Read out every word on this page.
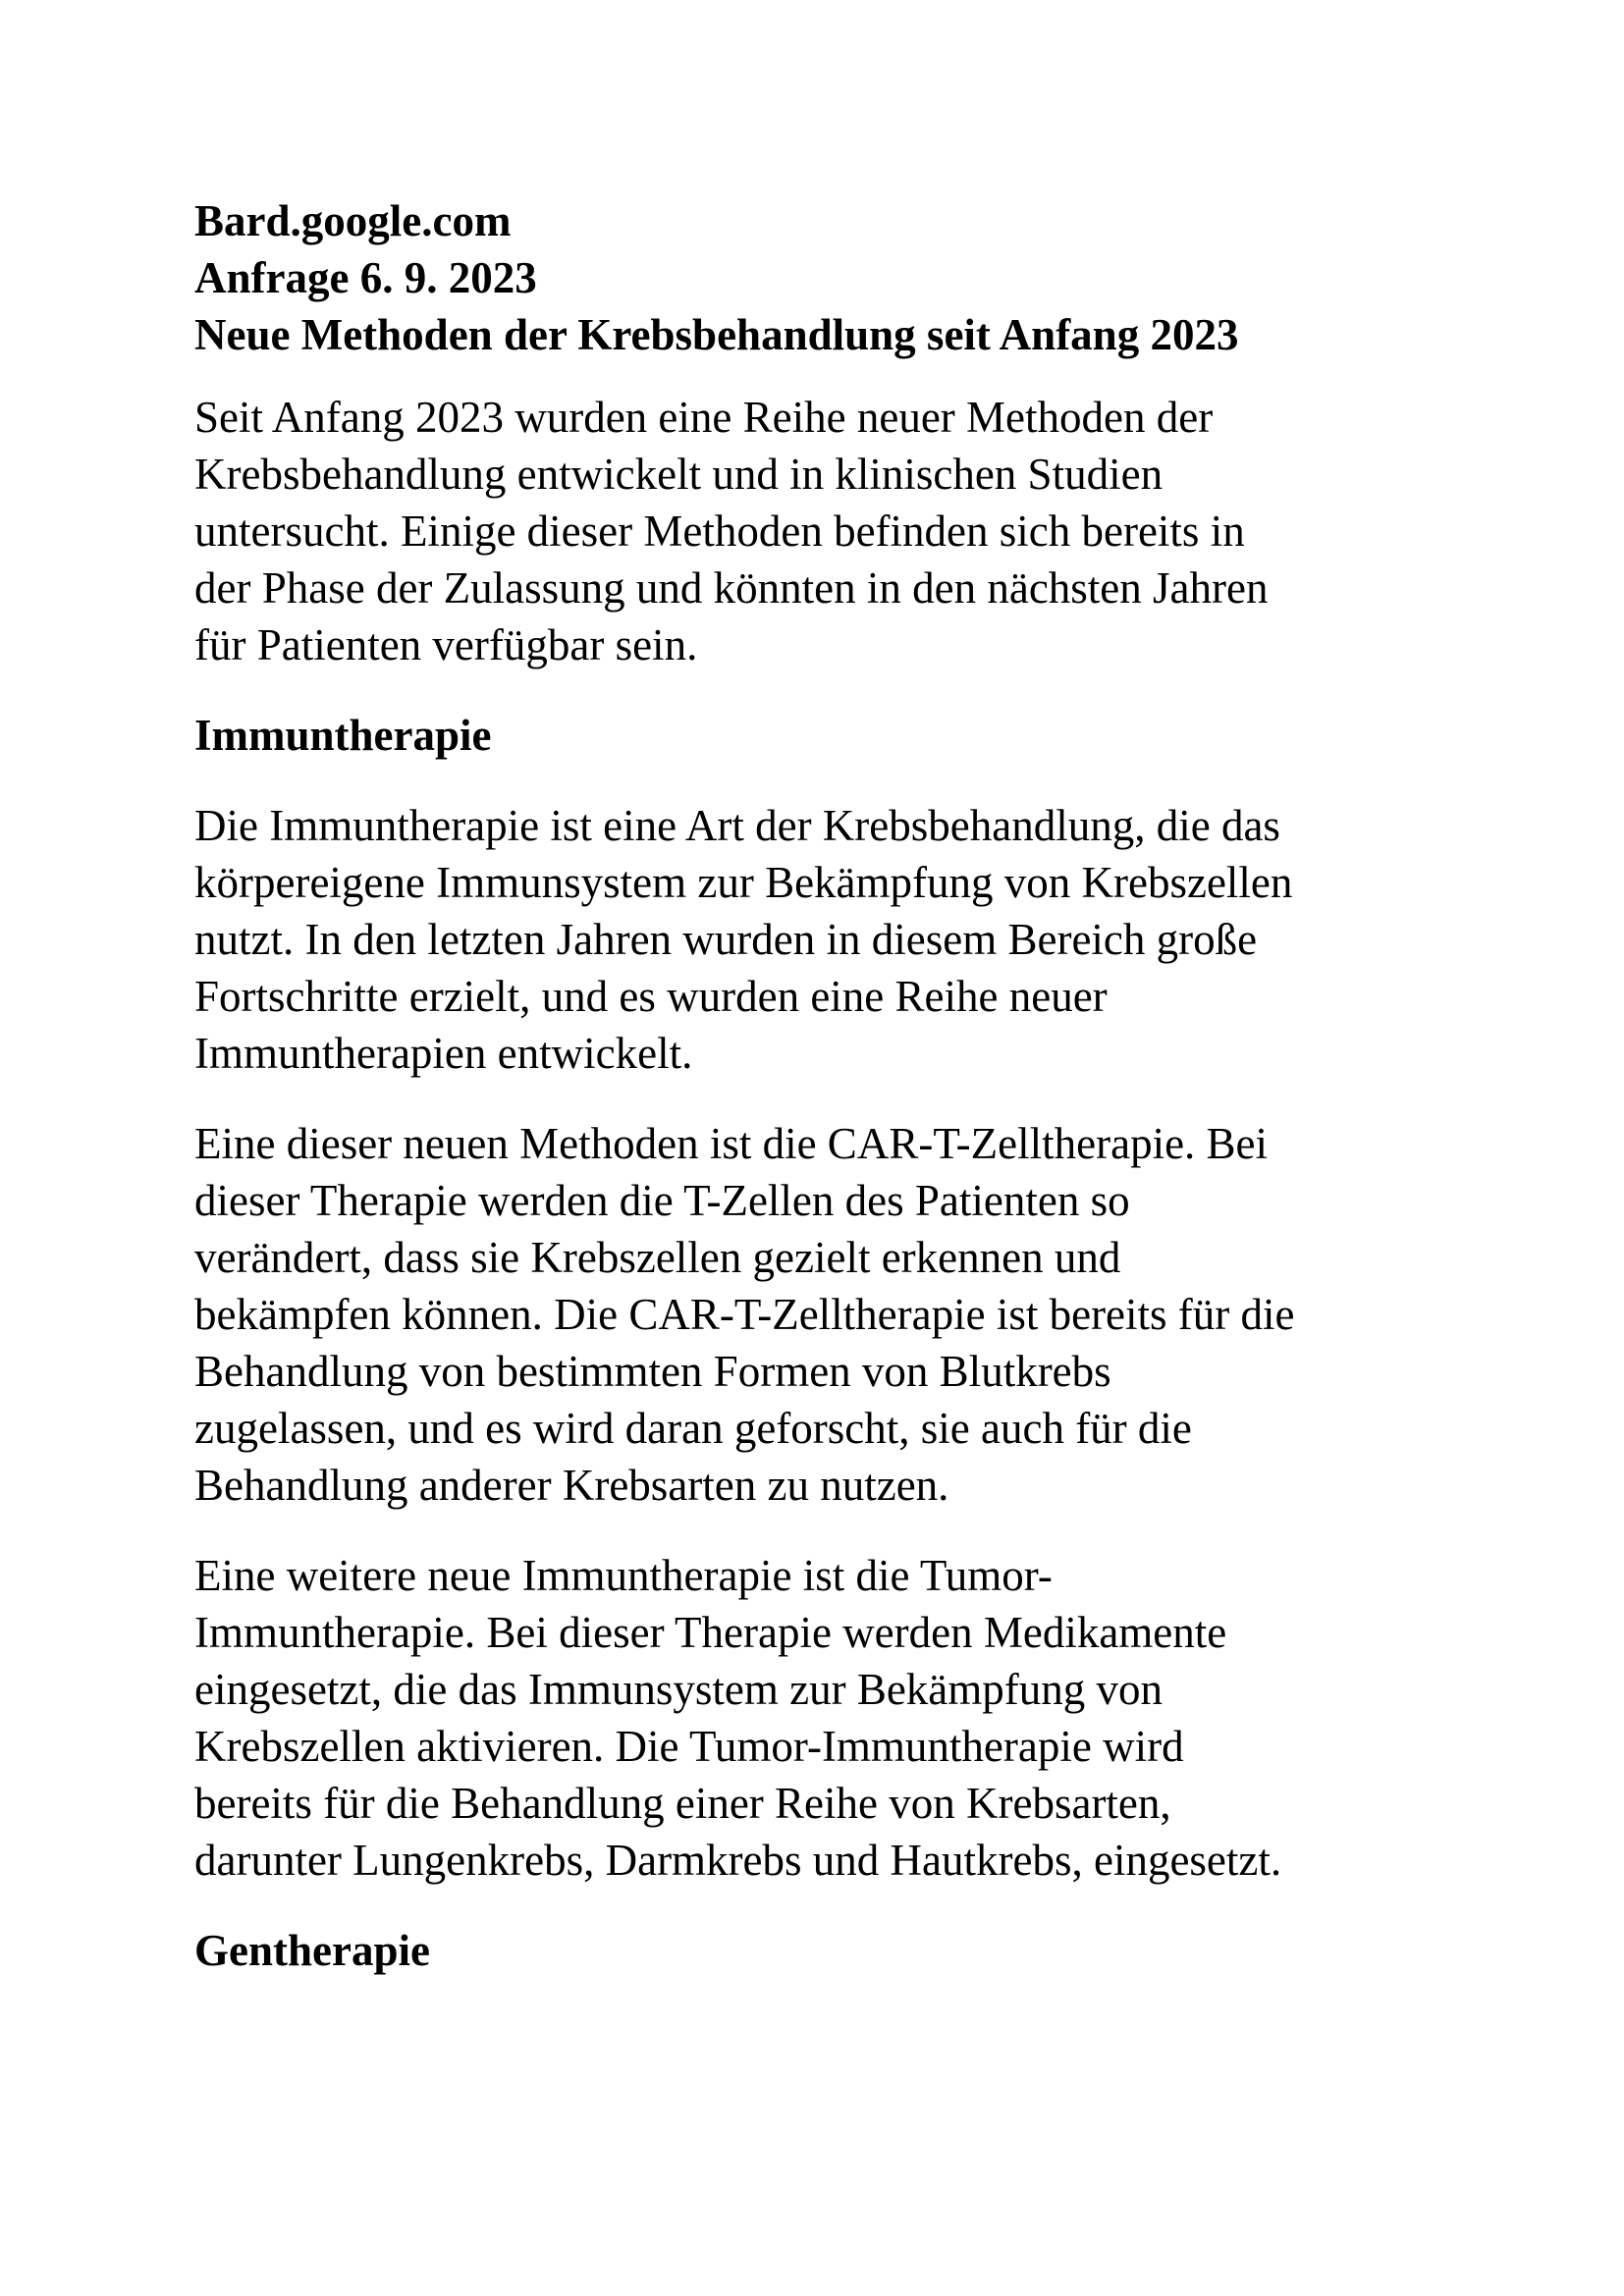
Bard.google.com

Anfrage 6. 9. 2023

Neue Methoden der Krebsbehandlung seit Anfang 2023

Seit Anfang 2023 wurden eine Reihe neuer Methoden der
Krebsbehandlung entwickelt und in klinischen Studien
untersucht. Einige dieser Methoden befinden sich bereits in
der Phase der Zulassung und könnten in den nächsten Jahren
für Patienten verfügbar sein.

Immuntherapie

Die Immuntherapie ist eine Art der Krebsbehandlung, die das
körpereigene Immunsystem zur Bekämpfung von Krebszellen
nutzt. In den letzten Jahren wurden in diesem Bereich große
Fortschritte erzielt, und es wurden eine Reihe neuer
Immuntherapien entwickelt.

Eine dieser neuen Methoden ist die CAR-T-Zelltherapie. Bei
dieser Therapie werden die T-Zellen des Patienten so
verändert, dass sie Krebszellen gezielt erkennen und
bekämpfen können. Die CAR-T-Zelltherapie ist bereits für die
Behandlung von bestimmten Formen von Blutkrebs
zugelassen, und es wird daran geforscht, sie auch für die
Behandlung anderer Krebsarten zu nutzen.

Eine weitere neue Immuntherapie ist die Tumor-
Immuntherapie. Bei dieser Therapie werden Medikamente
eingesetzt, die das Immunsystem zur Bekämpfung von
Krebszellen aktivieren. Die Tumor-Immuntherapie wird
bereits für die Behandlung einer Reihe von Krebsarten,
darunter Lungenkrebs, Darmkrebs und Hautkrebs, eingesetzt.

Gentherapie
